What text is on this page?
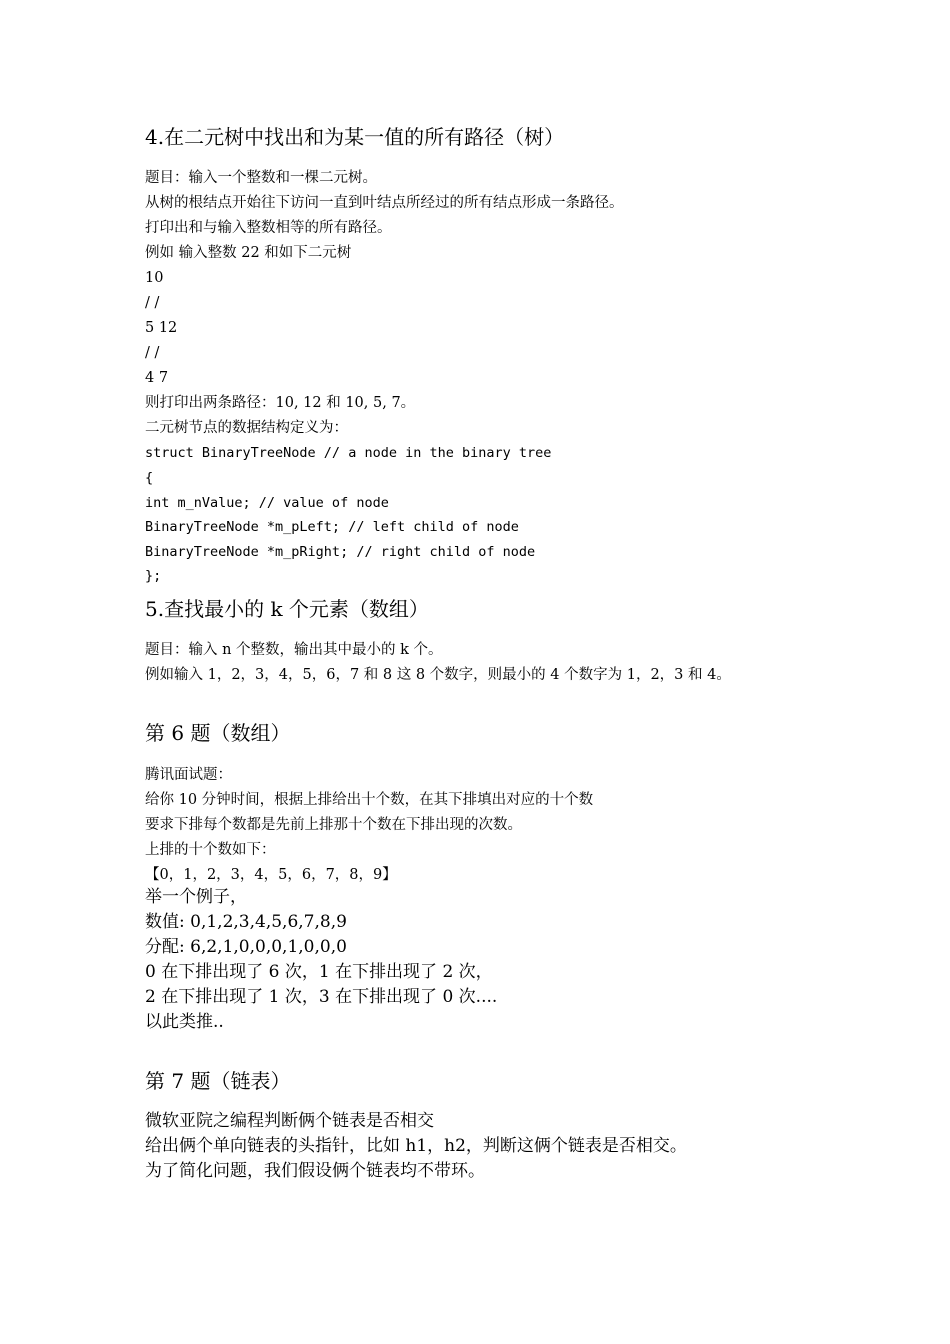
4.在二元树中找出和为某一值的所有路径（树）
题目：输入一个整数和一棵二元树。
从树的根结点开始往下访问一直到叶结点所经过的所有结点形成一条路径。
打印出和与输入整数相等的所有路径。
例如 输入整数 22 和如下二元树
10
/ /
5 12
/ /
4 7
则打印出两条路径：10, 12 和 10, 5, 7。
二元树节点的数据结构定义为：
struct BinaryTreeNode // a node in the binary tree
{
int m_nValue; // value of node
BinaryTreeNode *m_pLeft; // left child of node
BinaryTreeNode *m_pRight; // right child of node
};
5.查找最小的 k 个元素（数组）
题目：输入 n 个整数，输出其中最小的 k 个。
例如输入 1，2，3，4，5，6，7 和 8 这 8 个数字，则最小的 4 个数字为 1，2，3 和 4。
第 6 题（数组）
腾讯面试题：
给你 10 分钟时间，根据上排给出十个数，在其下排填出对应的十个数
要求下排每个数都是先前上排那十个数在下排出现的次数。
上排的十个数如下：
【0，1，2，3，4，5，6，7，8，9】
举一个例子，
数值: 0,1,2,3,4,5,6,7,8,9
分配: 6,2,1,0,0,0,1,0,0,0
0 在下排出现了 6 次，1 在下排出现了 2 次，
2 在下排出现了 1 次，3 在下排出现了 0 次....
以此类推..
第 7 题（链表）
微软亚院之编程判断俩个链表是否相交
给出俩个单向链表的头指针，比如 h1，h2，判断这俩个链表是否相交。
为了简化问题，我们假设俩个链表均不带环。
